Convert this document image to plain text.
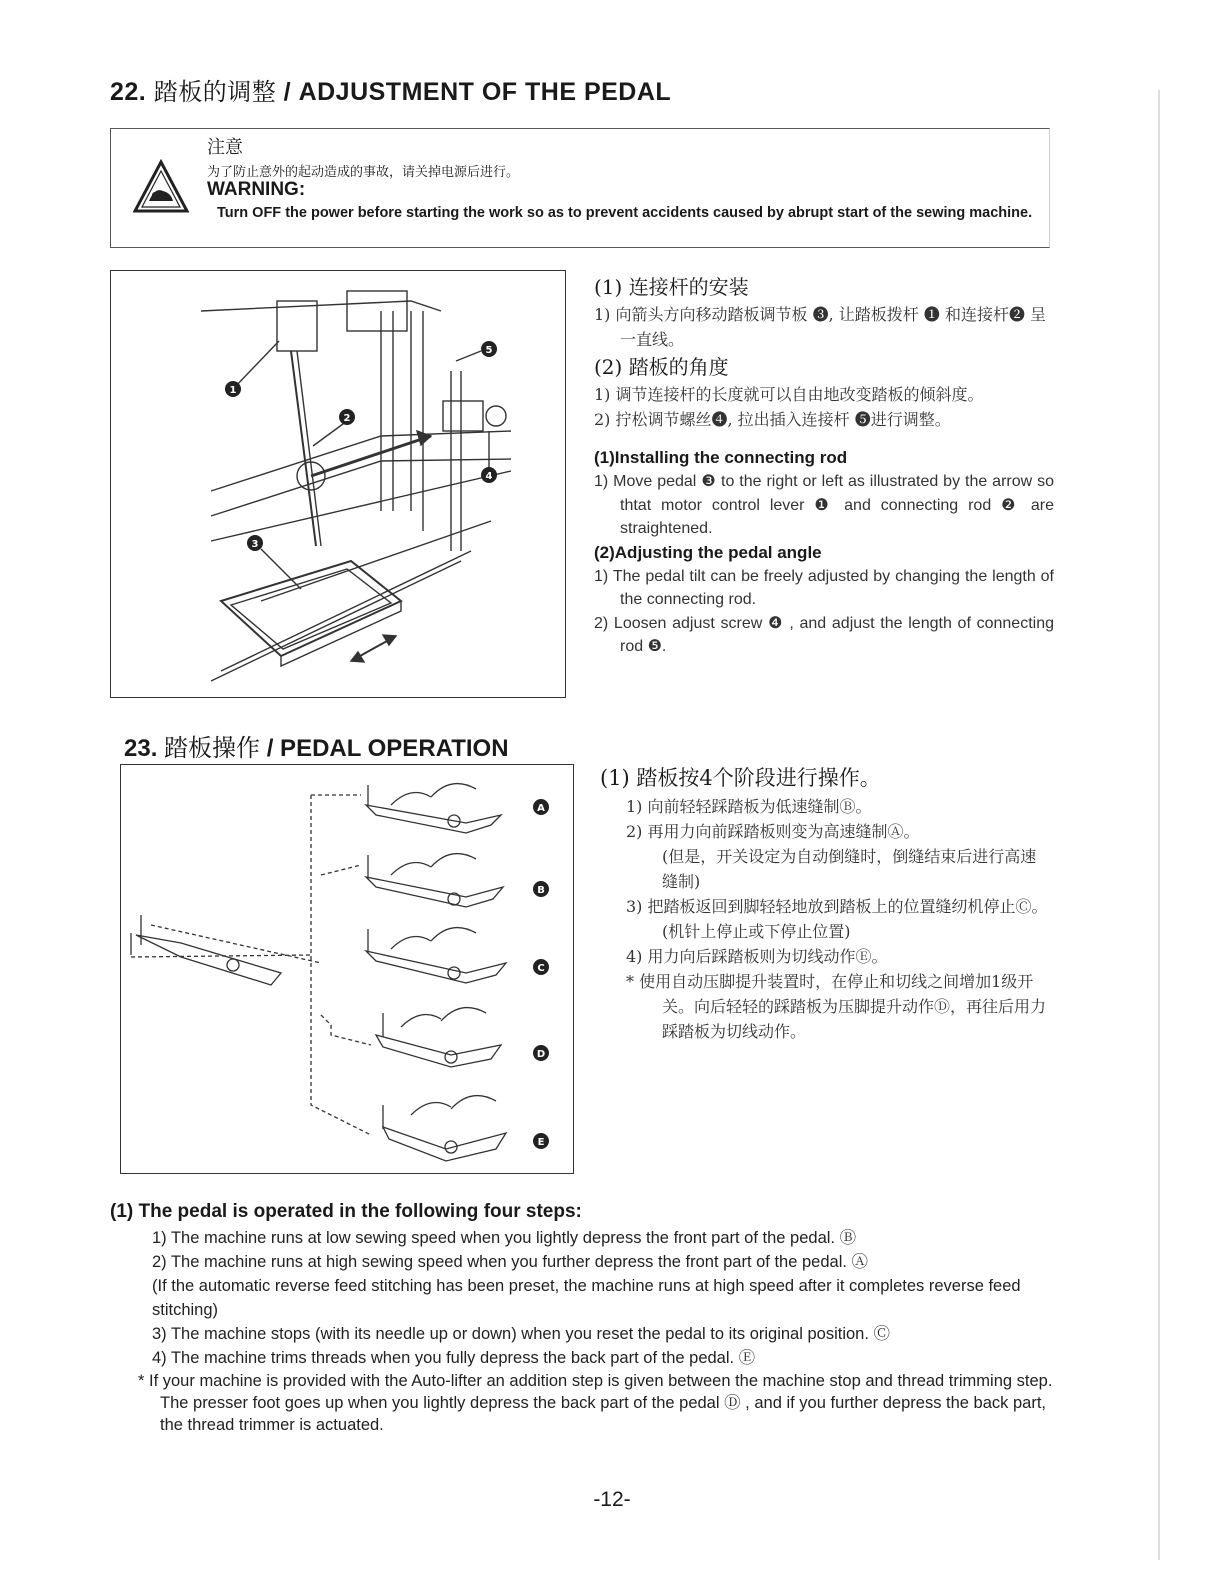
22. 踏板的调整 / ADJUSTMENT OF THE PEDAL
注意
为了防止意外的起动造成的事故，请关掉电源后进行。
WARNING:
Turn OFF the power before starting the work so as to prevent accidents caused by abrupt start of the sewing machine.
1
2
3
4
5
(1) 连接杆的安装
1) 向箭头方向移动踏板调节板 ❸, 让踏板拨杆 ❶ 和连接杆❷ 呈一直线。
(2) 踏板的角度
1) 调节连接杆的长度就可以自由地改变踏板的倾斜度。
2) 拧松调节螺丝❹, 拉出插入连接杆 ❺进行调整。
(1)Installing the connecting rod
1) Move pedal ❸ to the right or left as illustrated by the arrow so thtat motor control lever ❶ and connecting rod ❷ are straightened.
(2)Adjusting the pedal angle
1) The pedal tilt can be freely adjusted by changing the length of the connecting rod.
2) Loosen adjust screw ❹ , and adjust the length of connecting rod ❺.
23. 踏板操作 / PEDAL OPERATION
A
B
C
D
E
(1) 踏板按4个阶段进行操作。
1) 向前轻轻踩踏板为低速缝制Ⓑ。
2) 再用力向前踩踏板则变为高速缝制Ⓐ。
(但是，开关设定为自动倒缝时，倒缝结束后进行高速缝制)
3) 把踏板返回到脚轻轻地放到踏板上的位置缝纫机停止Ⓒ。(机针上停止或下停止位置)
4) 用力向后踩踏板则为切线动作Ⓔ。
* 使用自动压脚提升装置时，在停止和切线之间增加1级开关。向后轻轻的踩踏板为压脚提升动作Ⓓ，再往后用力踩踏板为切线动作。
(1) The pedal is operated in the following four steps:
1) The machine runs at low sewing speed when you lightly depress the front part of the pedal. Ⓑ
2) The machine runs at high sewing speed when you further depress the front part of the pedal. Ⓐ
(If the automatic reverse feed stitching has been preset, the machine runs at high speed after it completes reverse feed stitching)
3) The machine stops (with its needle up or down) when you reset the pedal to its original position. Ⓒ
4) The machine trims threads when you fully depress the back part of the pedal. Ⓔ
* If your machine is provided with the Auto-lifter an addition step is given between the machine stop and thread trimming step. The presser foot goes up when you lightly depress the back part of the pedal Ⓓ , and if you further depress the back part, the thread trimmer is actuated.
-12-
